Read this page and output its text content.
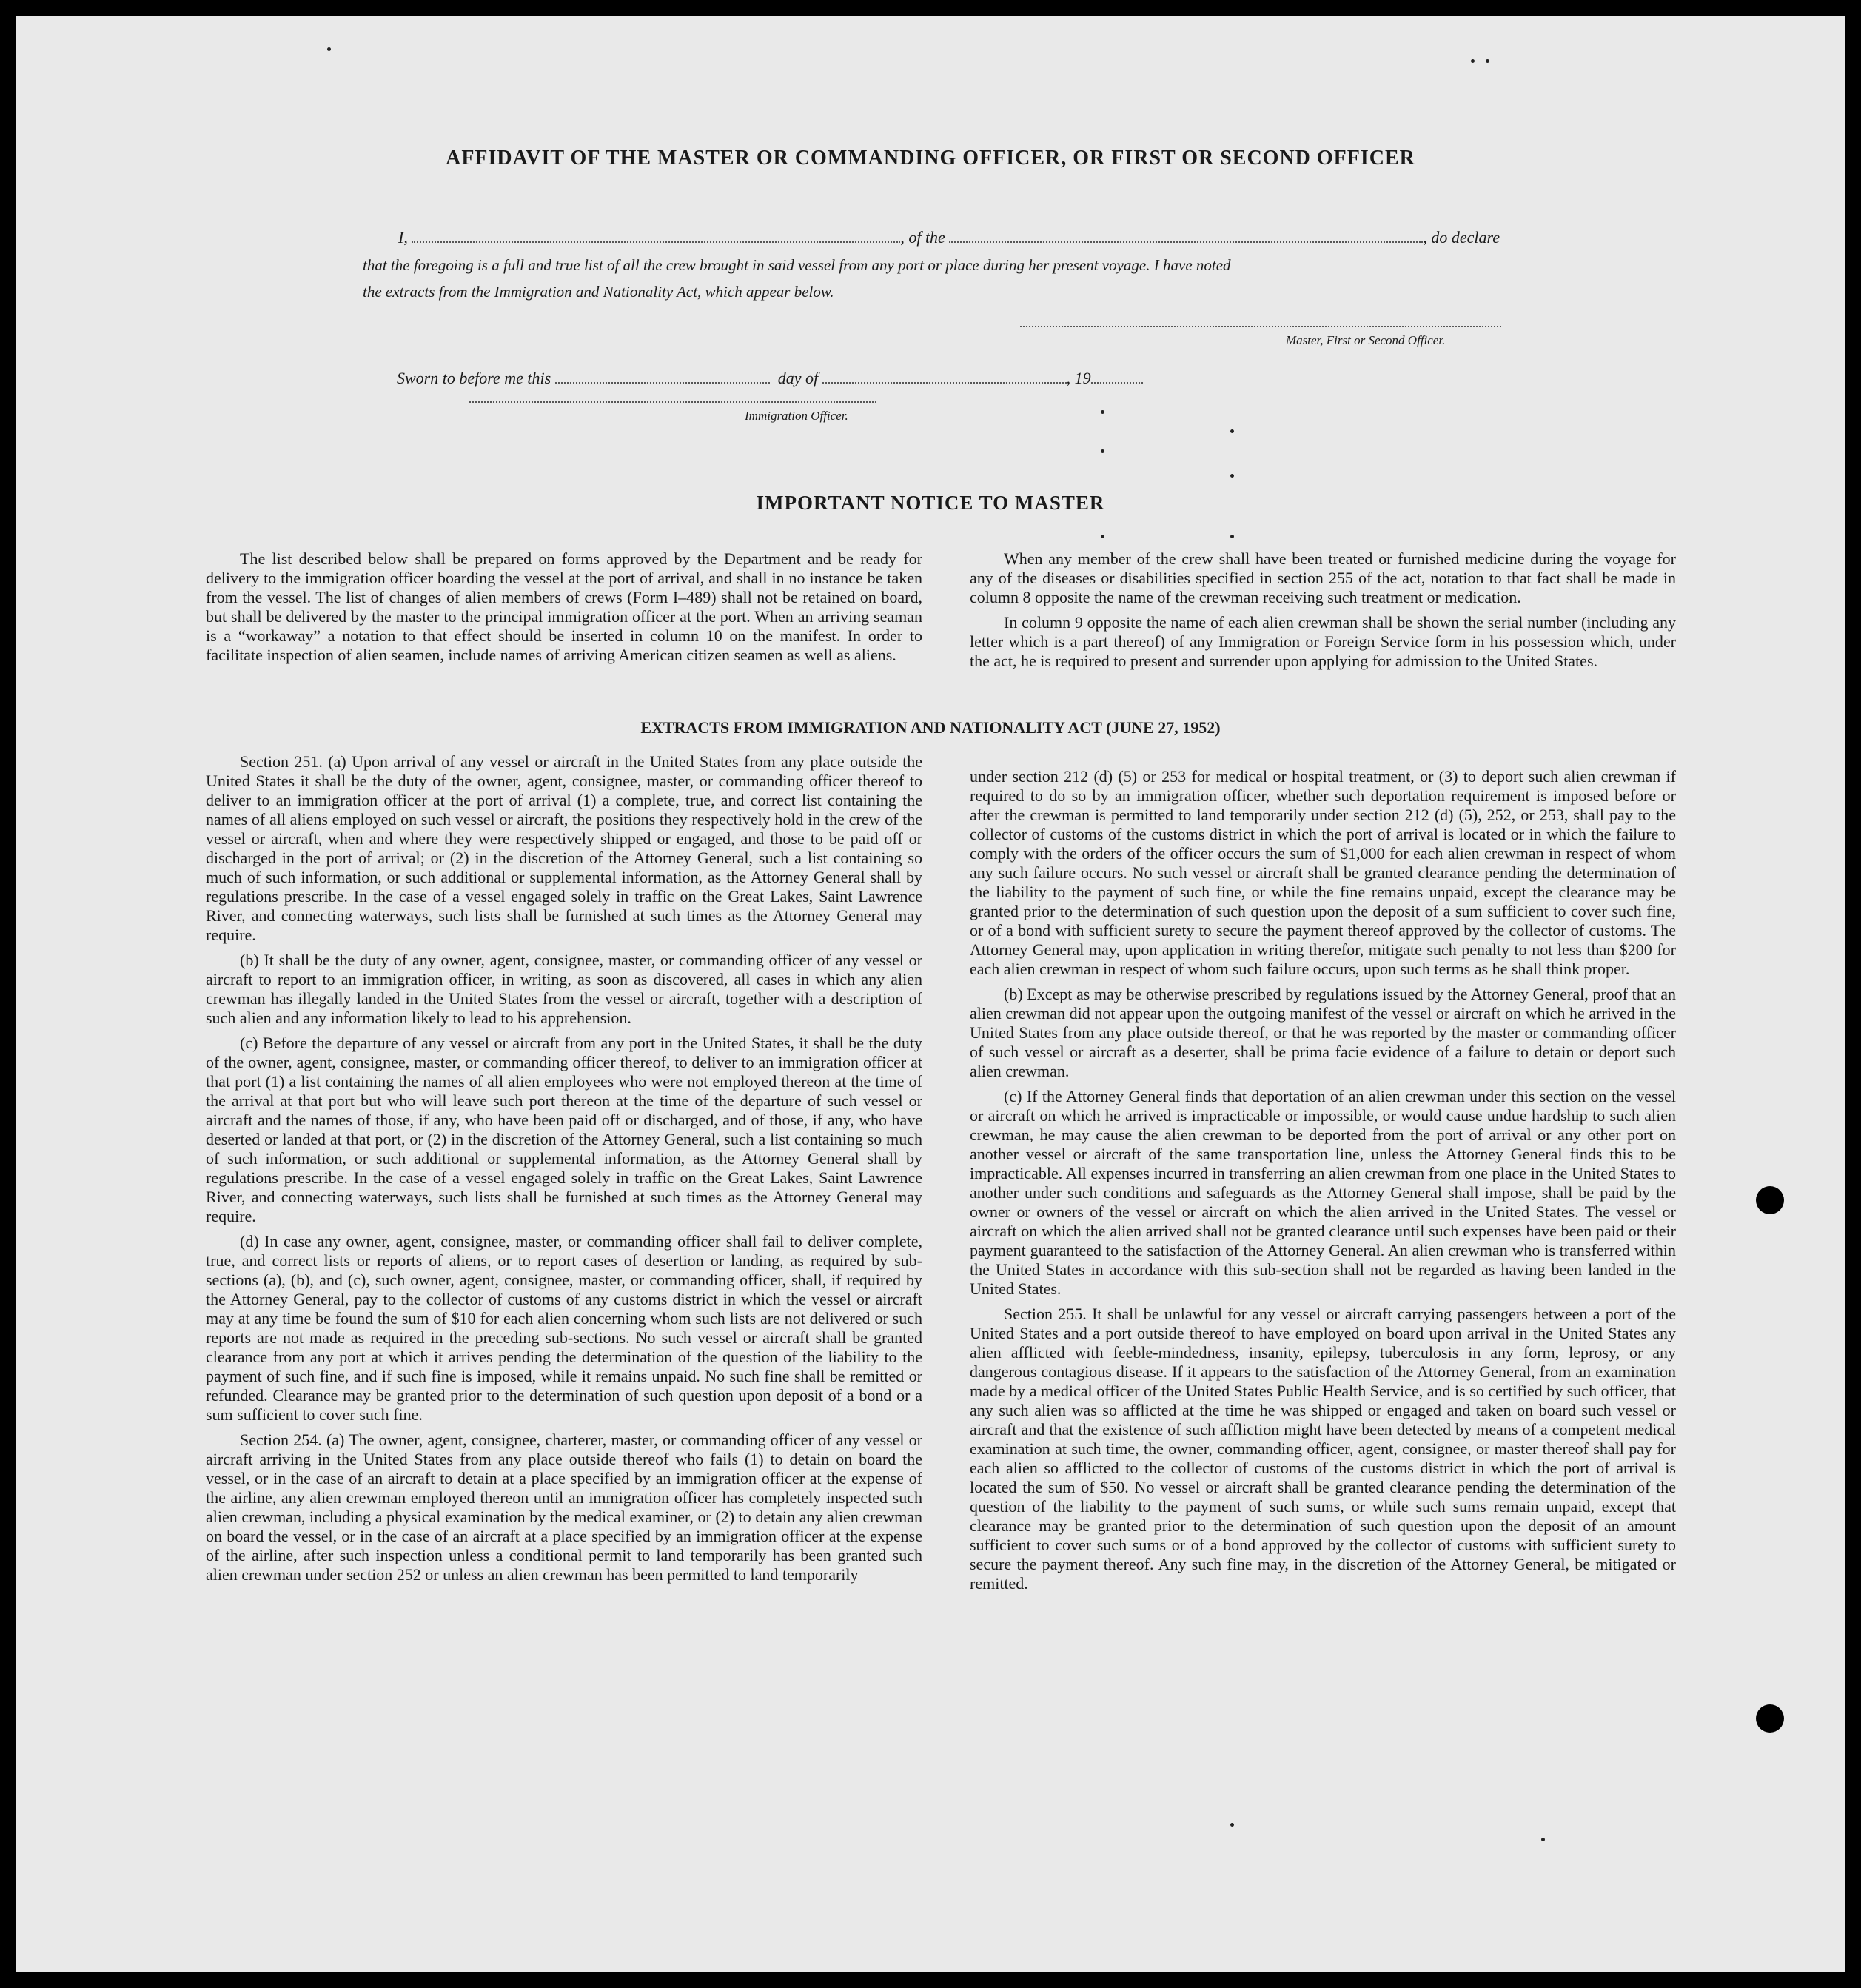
AFFIDAVIT OF THE MASTER OR COMMANDING OFFICER, OR FIRST OR SECOND OFFICER
I,	, of the	, do declare
that the foregoing is a full and true list of all the crew brought in said vessel from any port or place during her present voyage. I have noted
the extracts from the Immigration and Nationality Act, which appear below.
Master, First or Second Officer.
Sworn to before me this	day of	, 19
Immigration Officer.
IMPORTANT NOTICE TO MASTER

The list described below shall be prepared on forms approved by the Department and be ready for delivery to the immigration officer boarding the vessel at the port of arrival, and shall in no instance be taken from the vessel. The list of changes of alien members of crews (Form I–489) shall not be retained on board, but shall be delivered by the master to the principal immigration officer at the port. When an arriving seaman is a “workaway” a notation to that effect should be inserted in column 10 on the manifest. In order to facilitate inspection of alien seamen, include names of arriving American citizen seamen as well as aliens.

When any member of the crew shall have been treated or furnished medicine during the voyage for any of the diseases or disabilities specified in section 255 of the act, notation to that fact shall be made in column 8 opposite the name of the crewman receiving such treatment or medication.

In column 9 opposite the name of each alien crewman shall be shown the serial number (including any letter which is a part thereof) of any Immigration or Foreign Service form in his possession which, under the act, he is required to present and surrender upon applying for admission to the United States.

EXTRACTS FROM IMMIGRATION AND NATIONALITY ACT (JUNE 27, 1952)

Section 251. (a) Upon arrival of any vessel or aircraft in the United States from any place outside the United States it shall be the duty of the owner, agent, consignee, master, or commanding officer thereof to deliver to an immigration officer at the port of arrival (1) a complete, true, and correct list containing the names of all aliens employed on such vessel or aircraft, the positions they respectively hold in the crew of the vessel or aircraft, when and where they were respectively shipped or engaged, and those to be paid off or discharged in the port of arrival; or (2) in the discretion of the Attorney General, such a list containing so much of such information, or such additional or supplemental information, as the Attorney General shall by regulations prescribe. In the case of a vessel engaged solely in traffic on the Great Lakes, Saint Lawrence River, and connecting waterways, such lists shall be furnished at such times as the Attorney General may require.

(b) It shall be the duty of any owner, agent, consignee, master, or commanding officer of any vessel or aircraft to report to an immigration officer, in writing, as soon as discovered, all cases in which any alien crewman has illegally landed in the United States from the vessel or aircraft, together with a description of such alien and any information likely to lead to his apprehension.

(c) Before the departure of any vessel or aircraft from any port in the United States, it shall be the duty of the owner, agent, consignee, master, or commanding officer thereof, to deliver to an immigration officer at that port (1) a list containing the names of all alien employees who were not employed thereon at the time of the arrival at that port but who will leave such port thereon at the time of the departure of such vessel or aircraft and the names of those, if any, who have been paid off or discharged, and of those, if any, who have deserted or landed at that port, or (2) in the discretion of the Attorney General, such a list containing so much of such information, or such additional or supplemental information, as the Attorney General shall by regulations prescribe. In the case of a vessel engaged solely in traffic on the Great Lakes, Saint Lawrence River, and connecting waterways, such lists shall be furnished at such times as the Attorney General may require.

(d) In case any owner, agent, consignee, master, or commanding officer shall fail to deliver complete, true, and correct lists or reports of aliens, or to report cases of desertion or landing, as required by sub-sections (a), (b), and (c), such owner, agent, consignee, master, or commanding officer, shall, if required by the Attorney General, pay to the collector of customs of any customs district in which the vessel or aircraft may at any time be found the sum of $10 for each alien concerning whom such lists are not delivered or such reports are not made as required in the preceding sub-sections. No such vessel or aircraft shall be granted clearance from any port at which it arrives pending the determination of the question of the liability to the payment of such fine, and if such fine is imposed, while it remains unpaid. No such fine shall be remitted or refunded. Clearance may be granted prior to the determination of such question upon deposit of a bond or a sum sufficient to cover such fine.

Section 254. (a) The owner, agent, consignee, charterer, master, or commanding officer of any vessel or aircraft arriving in the United States from any place outside thereof who fails (1) to detain on board the vessel, or in the case of an aircraft to detain at a place specified by an immigration officer at the expense of the airline, any alien crewman employed thereon until an immigration officer has completely inspected such alien crewman, including a physical examination by the medical examiner, or (2) to detain any alien crewman on board the vessel, or in the case of an aircraft at a place specified by an immigration officer at the expense of the airline, after such inspection unless a conditional permit to land temporarily has been granted such alien crewman under section 252 or unless an alien crewman has been permitted to land temporarily

under section 212 (d) (5) or 253 for medical or hospital treatment, or (3) to deport such alien crewman if required to do so by an immigration officer, whether such deportation requirement is imposed before or after the crewman is permitted to land temporarily under section 212 (d) (5), 252, or 253, shall pay to the collector of customs of the customs district in which the port of arrival is located or in which the failure to comply with the orders of the officer occurs the sum of $1,000 for each alien crewman in respect of whom any such failure occurs. No such vessel or aircraft shall be granted clearance pending the determination of the liability to the payment of such fine, or while the fine remains unpaid, except the clearance may be granted prior to the determination of such question upon the deposit of a sum sufficient to cover such fine, or of a bond with sufficient surety to secure the payment thereof approved by the collector of customs. The Attorney General may, upon application in writing therefor, mitigate such penalty to not less than $200 for each alien crewman in respect of whom such failure occurs, upon such terms as he shall think proper.

(b) Except as may be otherwise prescribed by regulations issued by the Attorney General, proof that an alien crewman did not appear upon the outgoing manifest of the vessel or aircraft on which he arrived in the United States from any place outside thereof, or that he was reported by the master or commanding officer of such vessel or aircraft as a deserter, shall be prima facie evidence of a failure to detain or deport such alien crewman.

(c) If the Attorney General finds that deportation of an alien crewman under this section on the vessel or aircraft on which he arrived is impracticable or impossible, or would cause undue hardship to such alien crewman, he may cause the alien crewman to be deported from the port of arrival or any other port on another vessel or aircraft of the same transportation line, unless the Attorney General finds this to be impracticable. All expenses incurred in transferring an alien crewman from one place in the United States to another under such conditions and safeguards as the Attorney General shall impose, shall be paid by the owner or owners of the vessel or aircraft on which the alien arrived in the United States. The vessel or aircraft on which the alien arrived shall not be granted clearance until such expenses have been paid or their payment guaranteed to the satisfaction of the Attorney General. An alien crewman who is transferred within the United States in accordance with this sub-section shall not be regarded as having been landed in the United States.

Section 255. It shall be unlawful for any vessel or aircraft carrying passengers between a port of the United States and a port outside thereof to have employed on board upon arrival in the United States any alien afflicted with feeble-mindedness, insanity, epilepsy, tuberculosis in any form, leprosy, or any dangerous contagious disease. If it appears to the satisfaction of the Attorney General, from an examination made by a medical officer of the United States Public Health Service, and is so certified by such officer, that any such alien was so afflicted at the time he was shipped or engaged and taken on board such vessel or aircraft and that the existence of such affliction might have been detected by means of a competent medical examination at such time, the owner, commanding officer, agent, consignee, or master thereof shall pay for each alien so afflicted to the collector of customs of the customs district in which the port of arrival is located the sum of $50. No vessel or aircraft shall be granted clearance pending the determination of the question of the liability to the payment of such sums, or while such sums remain unpaid, except that clearance may be granted prior to the determination of such question upon the deposit of an amount sufficient to cover such sums or of a bond approved by the collector of customs with sufficient surety to secure the payment thereof. Any such fine may, in the discretion of the Attorney General, be mitigated or remitted.
